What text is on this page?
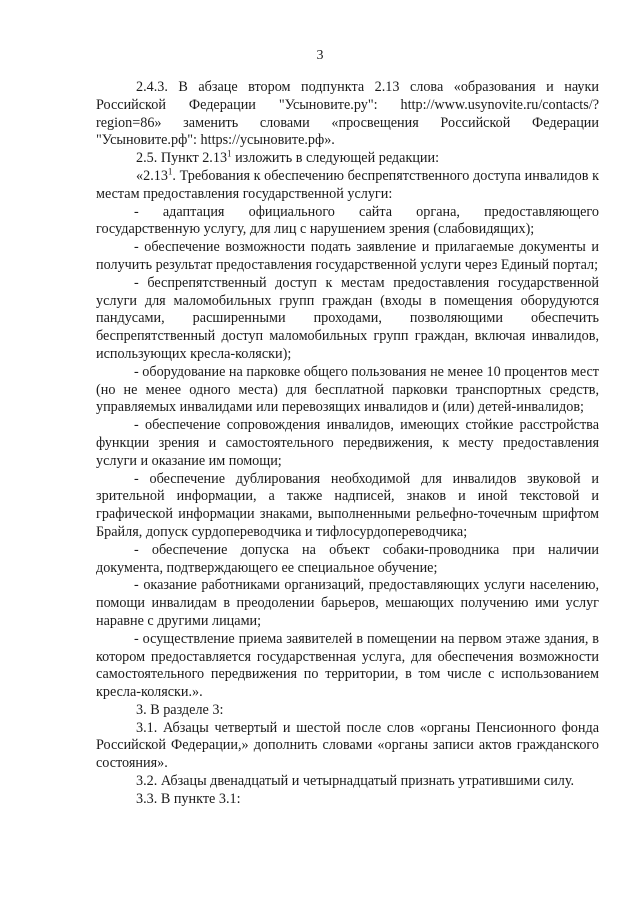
3

2.4.3. В абзаце втором подпункта 2.13 слова «образования и науки Российской Федерации "Усыновите.ру": http://www.usynovite.ru/contacts/?region=86» заменить словами «просвещения Российской Федерации "Усыновите.рф": https://усыновите.рф».

2.5. Пункт 2.13$^1$ изложить в следующей редакции:

«2.13$^1$. Требования к обеспечению беспрепятственного доступа инвалидов к местам предоставления государственной услуги:

- адаптация официального сайта органа, предоставляющего государственную услугу, для лиц с нарушением зрения (слабовидящих);

- обеспечение возможности подать заявление и прилагаемые документы и получить результат предоставления государственной услуги через Единый портал;

- беспрепятственный доступ к местам предоставления государственной услуги для маломобильных групп граждан (входы в помещения оборудуются пандусами, расширенными проходами, позволяющими обеспечить беспрепятственный доступ маломобильных групп граждан, включая инвалидов, использующих кресла-коляски);

- оборудование на парковке общего пользования не менее 10 процентов мест (но не менее одного места) для бесплатной парковки транспортных средств, управляемых инвалидами или перевозящих инвалидов и (или) детей-инвалидов;

- обеспечение сопровождения инвалидов, имеющих стойкие расстройства функции зрения и самостоятельного передвижения, к месту предоставления услуги и оказание им помощи;

- обеспечение дублирования необходимой для инвалидов звуковой и зрительной информации, а также надписей, знаков и иной текстовой и графической информации знаками, выполненными рельефно-точечным шрифтом Брайля, допуск сурдопереводчика и тифлосурдопереводчика;

- обеспечение допуска на объект собаки-проводника при наличии документа, подтверждающего ее специальное обучение;

- оказание работниками организаций, предоставляющих услуги населению, помощи инвалидам в преодолении барьеров, мешающих получению ими услуг наравне с другими лицами;

- осуществление приема заявителей в помещении на первом этаже здания, в котором предоставляется государственная услуга, для обеспечения возможности самостоятельного передвижения по территории, в том числе с использованием кресла-коляски.».

3. В разделе 3:

3.1. Абзацы четвертый и шестой после слов «органы Пенсионного фонда Российской Федерации,» дополнить словами «органы записи актов гражданского состояния».

3.2. Абзацы двенадцатый и четырнадцатый признать утратившими силу.

3.3. В пункте 3.1:
